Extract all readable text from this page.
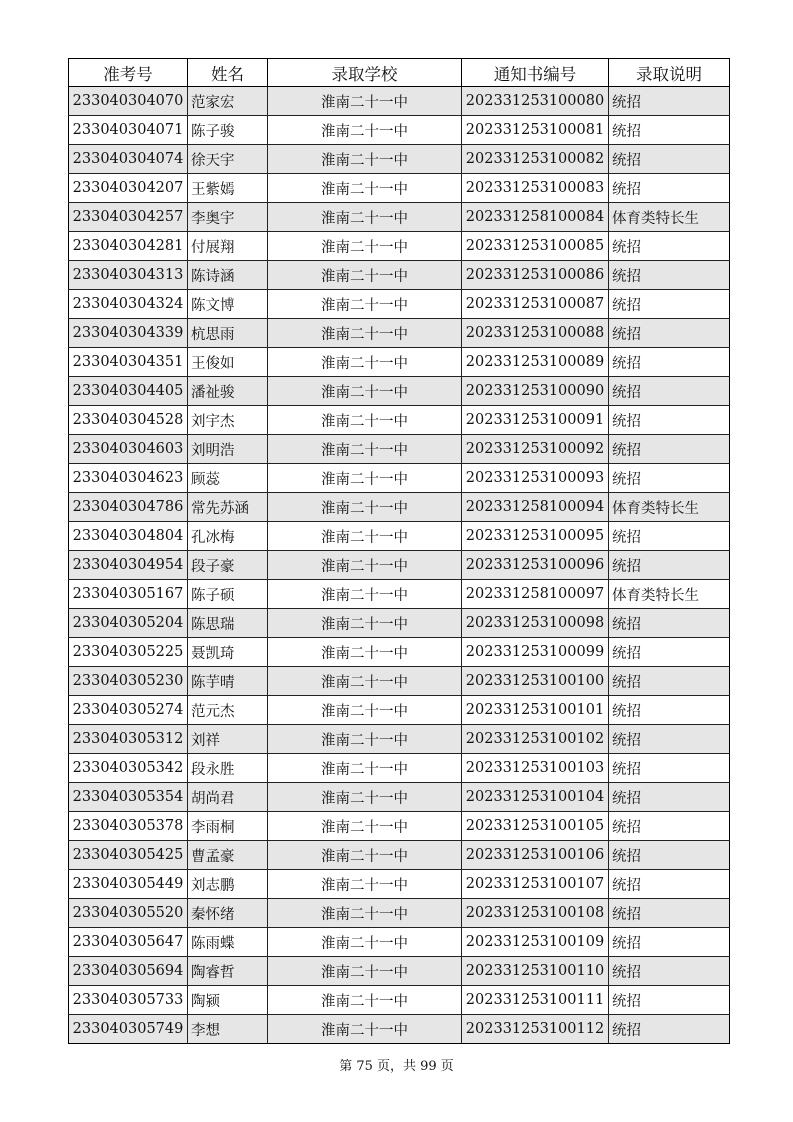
准考号	姓名	录取学校	通知书编号	录取说明
233040304070	范家宏	淮南二十一中	202331253100080	统招
233040304071	陈子骏	淮南二十一中	202331253100081	统招
233040304074	徐天宇	淮南二十一中	202331253100082	统招
233040304207	王紫嫣	淮南二十一中	202331253100083	统招
233040304257	李奥宇	淮南二十一中	202331258100084	体育类特长生
233040304281	付展翔	淮南二十一中	202331253100085	统招
233040304313	陈诗涵	淮南二十一中	202331253100086	统招
233040304324	陈文博	淮南二十一中	202331253100087	统招
233040304339	杭思雨	淮南二十一中	202331253100088	统招
233040304351	王俊如	淮南二十一中	202331253100089	统招
233040304405	潘祉骏	淮南二十一中	202331253100090	统招
233040304528	刘宇杰	淮南二十一中	202331253100091	统招
233040304603	刘明浩	淮南二十一中	202331253100092	统招
233040304623	顾蕊	淮南二十一中	202331253100093	统招
233040304786	常先苏涵	淮南二十一中	202331258100094	体育类特长生
233040304804	孔冰梅	淮南二十一中	202331253100095	统招
233040304954	段子豪	淮南二十一中	202331253100096	统招
233040305167	陈子硕	淮南二十一中	202331258100097	体育类特长生
233040305204	陈思瑞	淮南二十一中	202331253100098	统招
233040305225	聂凯琦	淮南二十一中	202331253100099	统招
233040305230	陈芋晴	淮南二十一中	202331253100100	统招
233040305274	范元杰	淮南二十一中	202331253100101	统招
233040305312	刘祥	淮南二十一中	202331253100102	统招
233040305342	段永胜	淮南二十一中	202331253100103	统招
233040305354	胡尚君	淮南二十一中	202331253100104	统招
233040305378	李雨桐	淮南二十一中	202331253100105	统招
233040305425	曹孟豪	淮南二十一中	202331253100106	统招
233040305449	刘志鹏	淮南二十一中	202331253100107	统招
233040305520	秦怀绪	淮南二十一中	202331253100108	统招
233040305647	陈雨蝶	淮南二十一中	202331253100109	统招
233040305694	陶睿哲	淮南二十一中	202331253100110	统招
233040305733	陶颍	淮南二十一中	202331253100111	统招
233040305749	李想	淮南二十一中	202331253100112	统招
第 75 页，共 99 页
